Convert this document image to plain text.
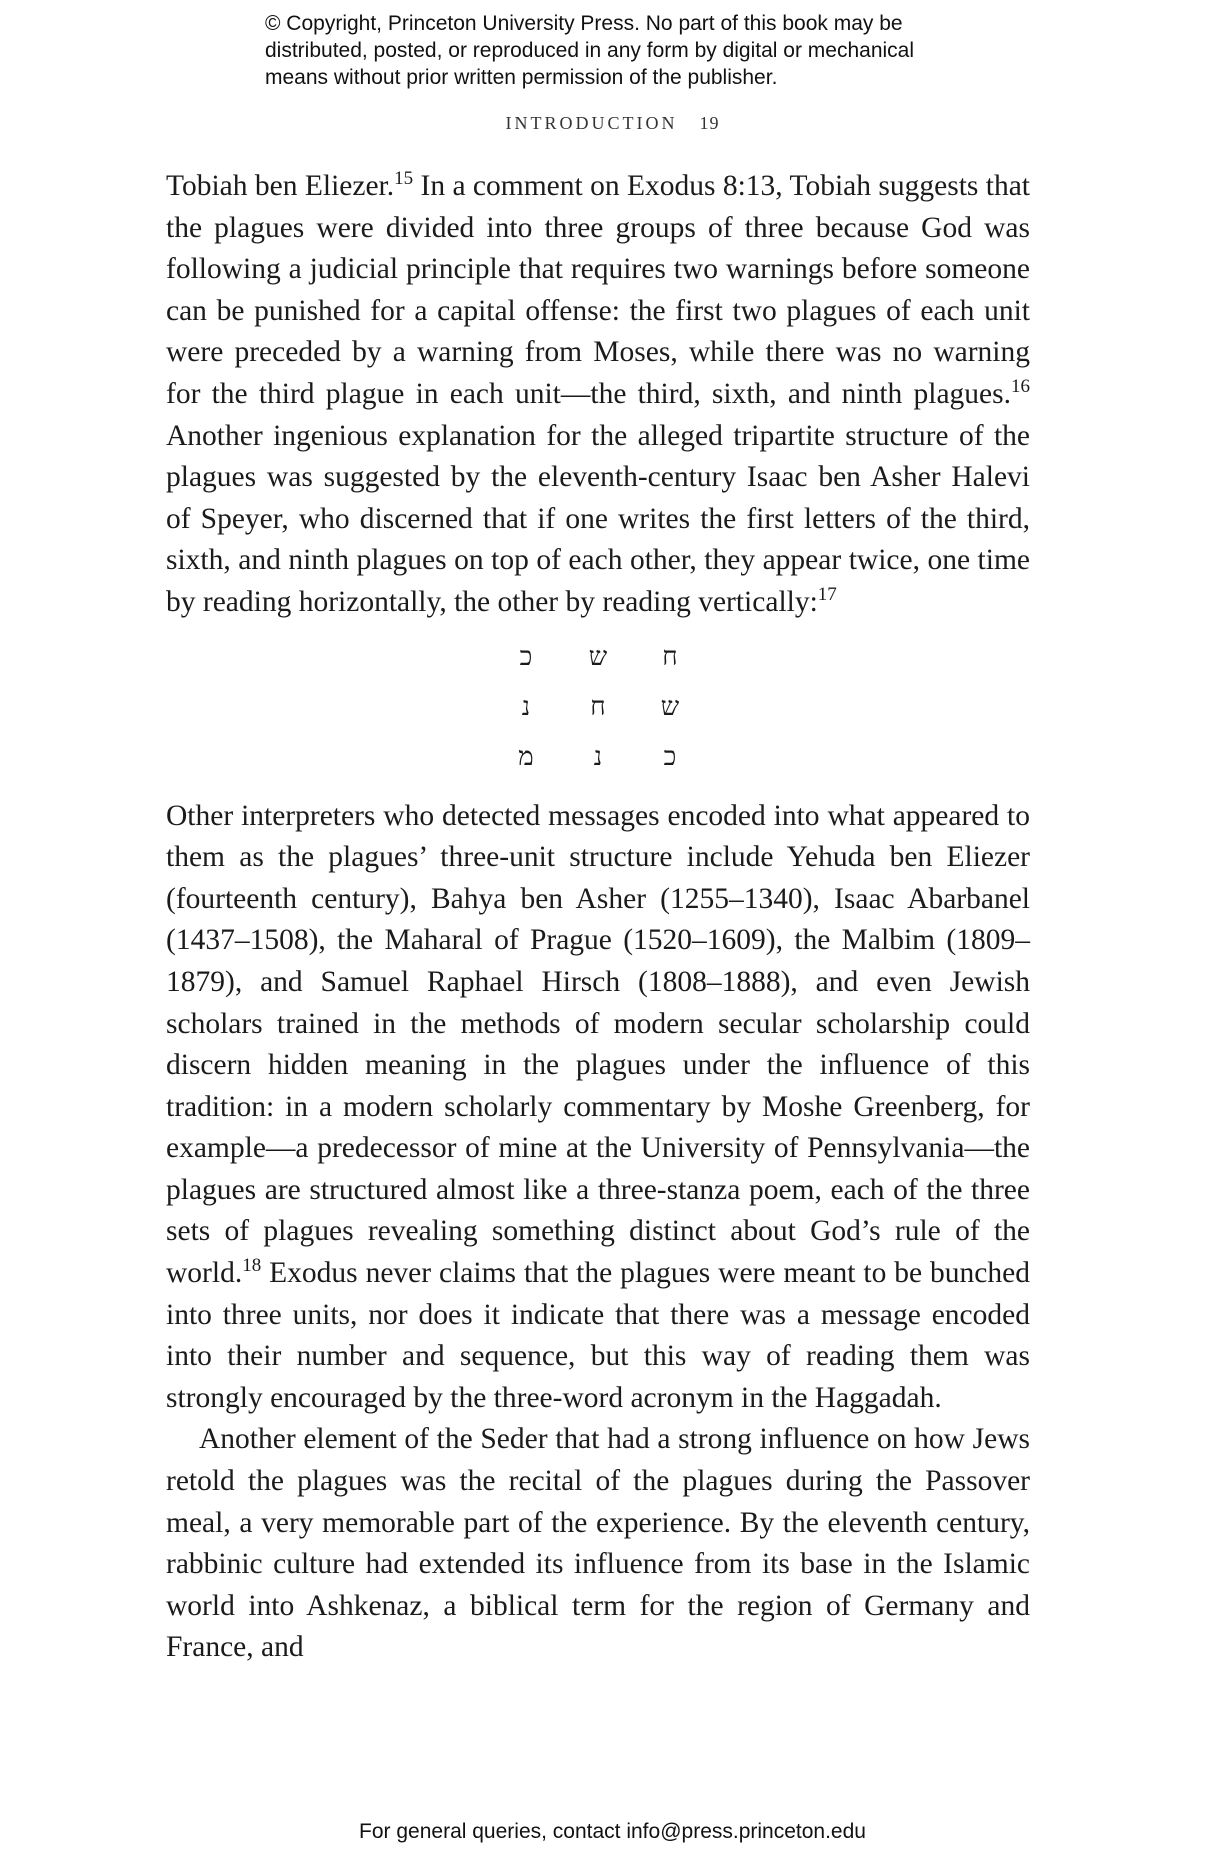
© Copyright, Princeton University Press. No part of this book may be
distributed, posted, or reproduced in any form by digital or mechanical
means without prior written permission of the publisher.
INTRODUCTION 19

Tobiah ben Eliezer.$^{15}$ In a comment on Exodus 8:13, Tobiah suggests that the plagues were divided into three groups of three because God was following a judicial principle that requires two warnings before someone can be punished for a capital offense: the first two plagues of each unit were preceded by a warning from Moses, while there was no warning for the third plague in each unit—the third, sixth, and ninth plagues.$^{16}$ Another ingenious explanation for the alleged tripartite structure of the plagues was suggested by the eleventh-century Isaac ben Asher Halevi of Speyer, who discerned that if one writes the first letters of the third, sixth, and ninth plagues on top of each other, they appear twice, one time by reading horizontally, the other by reading vertically:$^{17}$

כ	ש	ח
נ	ח	ש
מ	נ	כ

Other interpreters who detected messages encoded into what appeared to them as the plagues’ three-unit structure include Yehuda ben Eliezer (fourteenth century), Bahya ben Asher (1255–1340), Isaac Abarbanel (1437–1508), the Maharal of Prague (1520–1609), the Malbim (1809–1879), and Samuel Raphael Hirsch (1808–1888), and even Jewish scholars trained in the methods of modern secular scholarship could discern hidden meaning in the plagues under the influence of this tradition: in a modern scholarly commentary by Moshe Greenberg, for example—a predecessor of mine at the University of Pennsylvania—the plagues are structured almost like a three-stanza poem, each of the three sets of plagues revealing something distinct about God’s rule of the world.$^{18}$ Exodus never claims that the plagues were meant to be bunched into three units, nor does it indicate that there was a message encoded into their number and sequence, but this way of reading them was strongly encouraged by the three-word acronym in the Haggadah.

Another element of the Seder that had a strong influence on how Jews retold the plagues was the recital of the plagues during the Passover meal, a very memorable part of the experience. By the eleventh century, rabbinic culture had extended its influence from its base in the Islamic world into Ashkenaz, a biblical term for the region of Germany and France, and

For general queries, contact info@press.princeton.edu
